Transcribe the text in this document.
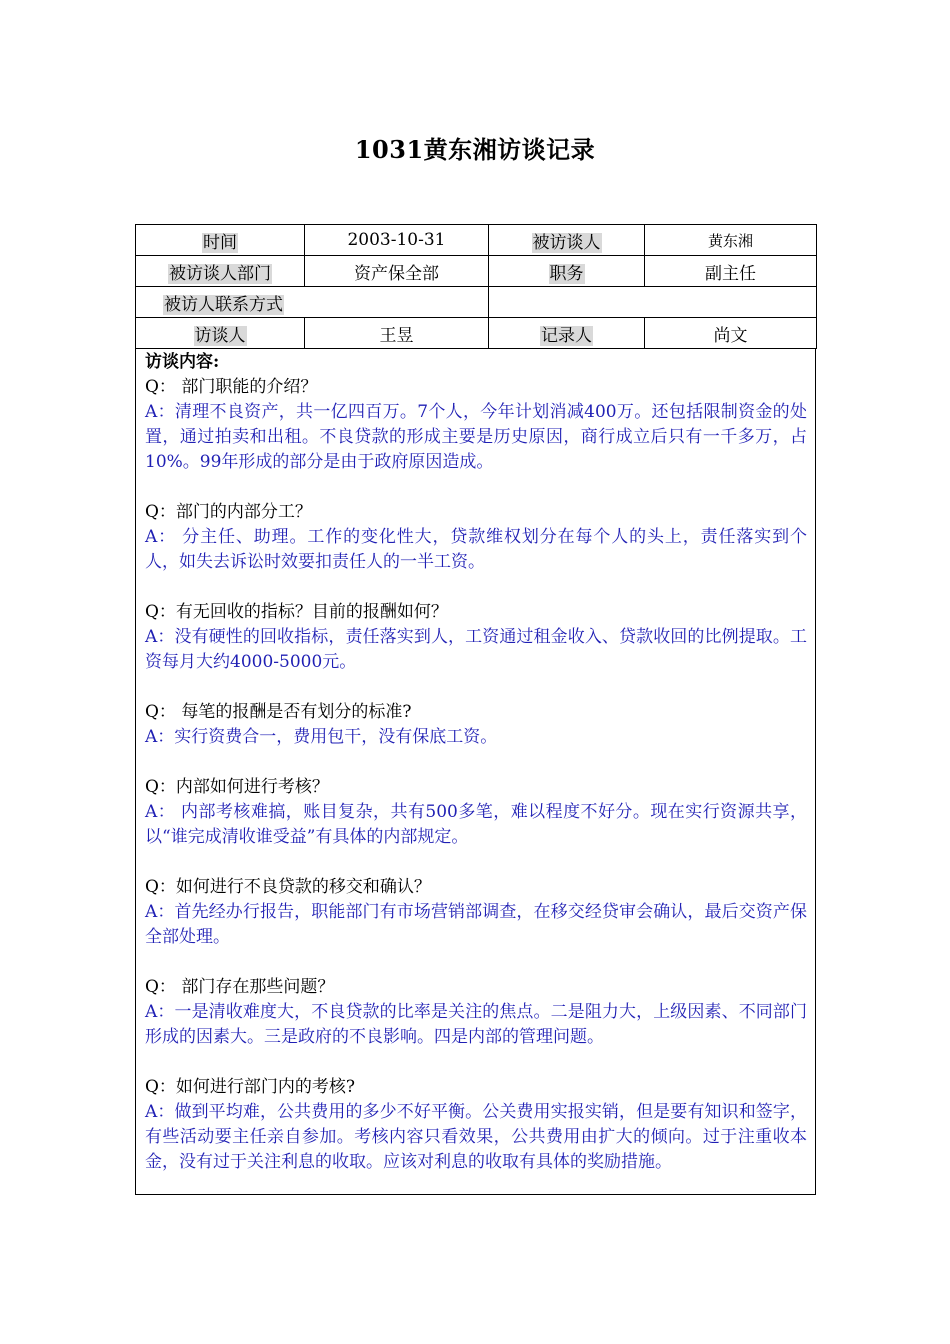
1031黄东湘访谈记录
时间	2003-10-31	被访谈人	黄东湘
被访谈人部门	资产保全部	职务	副主任
被访人联系方式			
访谈人	王昱	记录人	尚文
访谈内容:
Q： 部门职能的介绍？
A：清理不良资产，共一亿四百万。7个人，今年计划消减400万。还包括限制资金的处置，通过拍卖和出租。不良贷款的形成主要是历史原因，商行成立后只有一千多万，占10%。99年形成的部分是由于政府原因造成。
Q：部门的内部分工？
A： 分主任、助理。工作的变化性大，贷款维权划分在每个人的头上，责任落实到个人，如失去诉讼时效要扣责任人的一半工资。
Q：有无回收的指标？目前的报酬如何？
A：没有硬性的回收指标，责任落实到人，工资通过租金收入、贷款收回的比例提取。工资每月大约4000-5000元。
Q： 每笔的报酬是否有划分的标准?
A：实行资费合一，费用包干，没有保底工资。
Q：内部如何进行考核？
A： 内部考核难搞，账目复杂，共有500多笔，难以程度不好分。现在实行资源共享，以“谁完成清收谁受益”有具体的内部规定。
Q：如何进行不良贷款的移交和确认？
A：首先经办行报告，职能部门有市场营销部调查，在移交经贷审会确认，最后交资产保全部处理。
Q： 部门存在那些问题？
A：一是清收难度大，不良贷款的比率是关注的焦点。二是阻力大，上级因素、不同部门形成的因素大。三是政府的不良影响。四是内部的管理问题。
Q：如何进行部门内的考核?
A：做到平均难，公共费用的多少不好平衡。公关费用实报实销，但是要有知识和签字，有些活动要主任亲自参加。考核内容只看效果，公共费用由扩大的倾向。过于注重收本金，没有过于关注利息的收取。应该对利息的收取有具体的奖励措施。
